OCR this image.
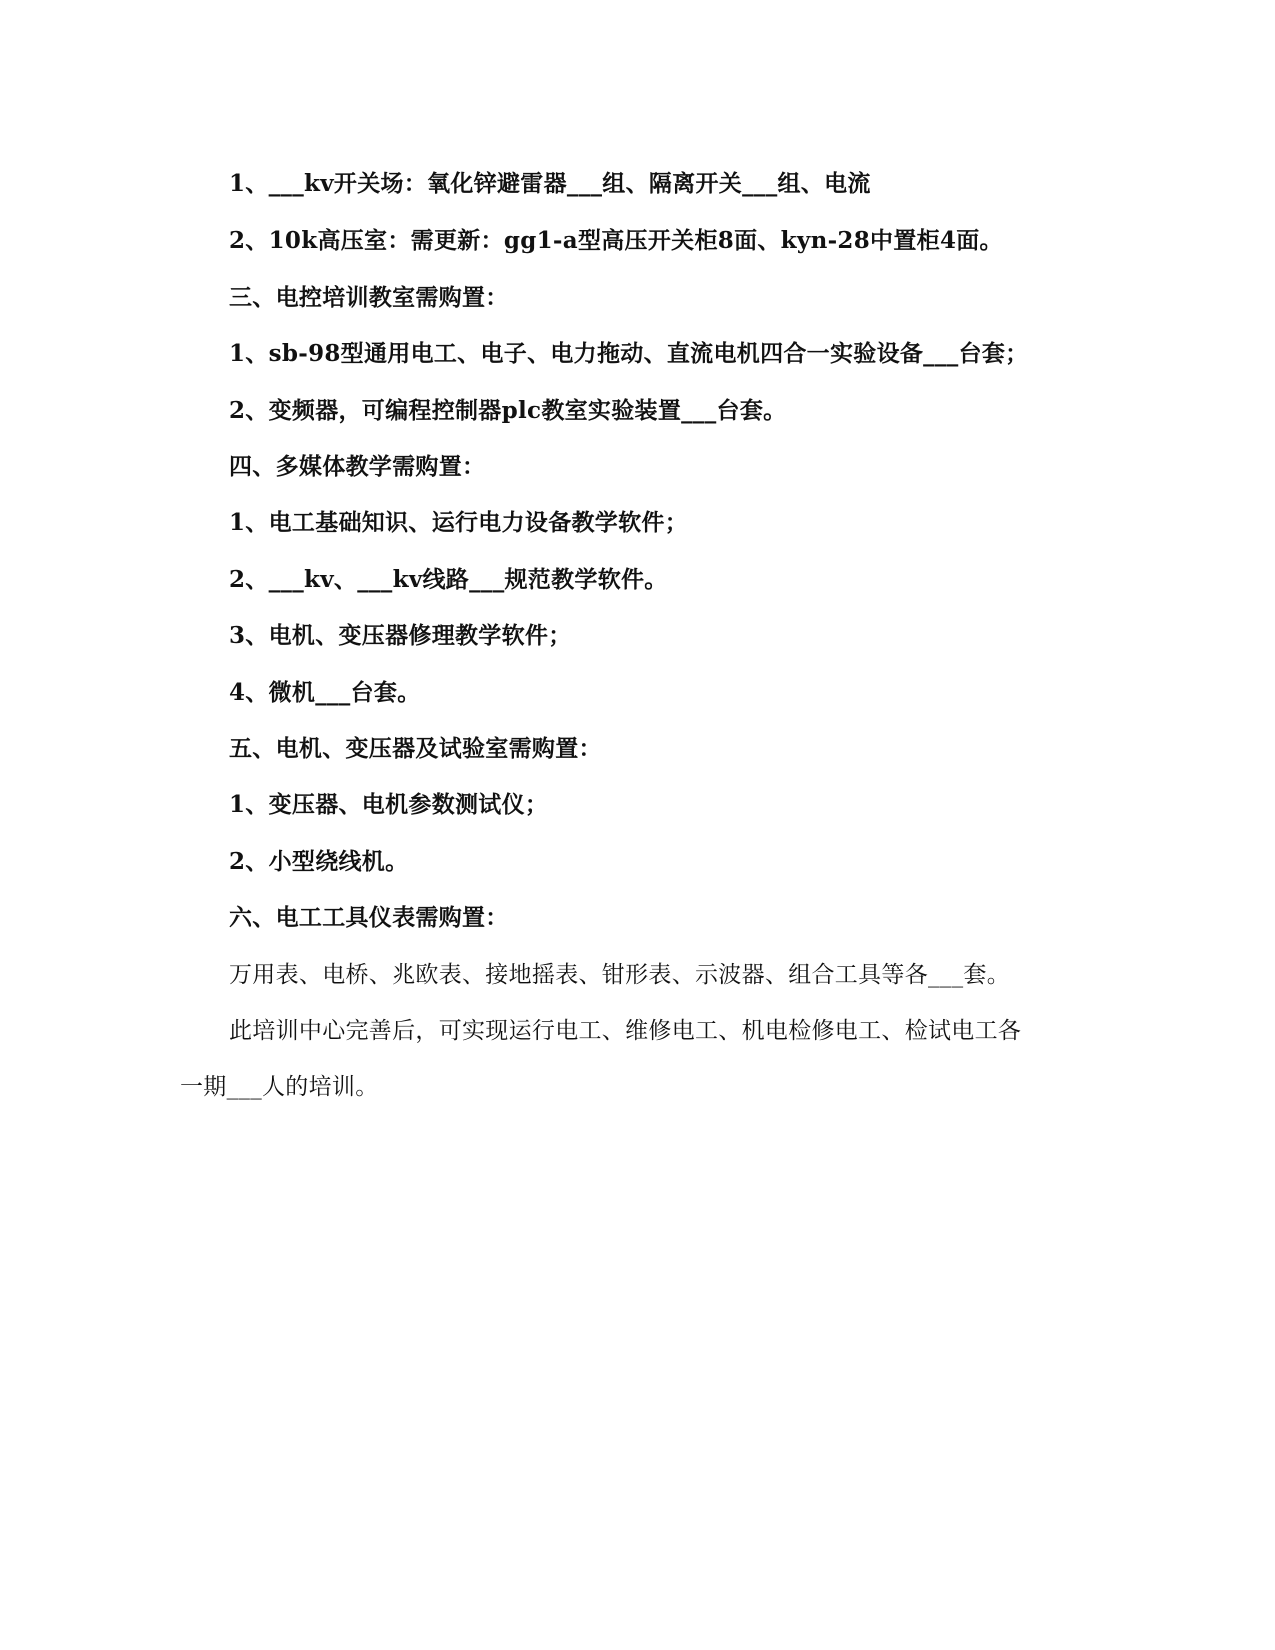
1、___kv开关场：氧化锌避雷器___组、隔离开关___组、电流
2、10k高压室：需更新：gg1-a型高压开关柜8面、kyn-28中置柜4面。
三、电控培训教室需购置：
1、sb-98型通用电工、电子、电力拖动、直流电机四合一实验设备___台套；
2、变频器，可编程控制器plc教室实验装置___台套。
四、多媒体教学需购置：
1、电工基础知识、运行电力设备教学软件；
2、___kv、___kv线路___规范教学软件。
3、电机、变压器修理教学软件；
4、微机___台套。
五、电机、变压器及试验室需购置：
1、变压器、电机参数测试仪；
2、小型绕线机。
六、电工工具仪表需购置：
万用表、电桥、兆欧表、接地摇表、钳形表、示波器、组合工具等各___套。
此培训中心完善后，可实现运行电工、维修电工、机电检修电工、检试电工各
一期___人的培训。
